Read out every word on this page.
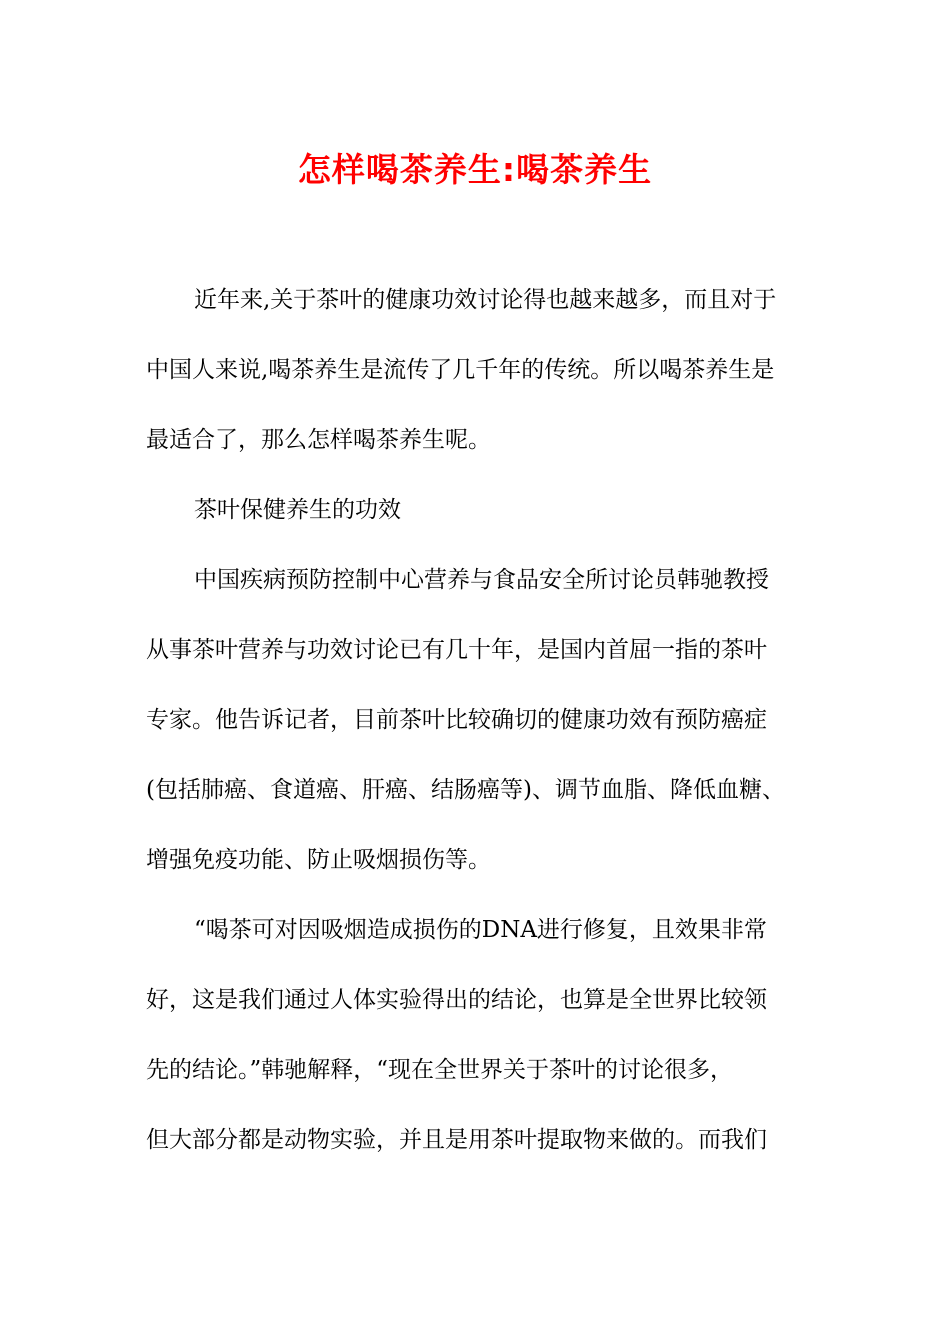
怎样喝茶养生:喝茶养生
近年来,关于茶叶的健康功效讨论得也越来越多，而且对于
中国人来说,喝茶养生是流传了几千年的传统。所以喝茶养生是
最适合了，那么怎样喝茶养生呢。
茶叶保健养生的功效
中国疾病预防控制中心营养与食品安全所讨论员韩驰教授
从事茶叶营养与功效讨论已有几十年，是国内首屈一指的茶叶
专家。他告诉记者，目前茶叶比较确切的健康功效有预防癌症
(包括肺癌、食道癌、肝癌、结肠癌等)、调节血脂、降低血糖、
增强免疫功能、防止吸烟损伤等。
“喝茶可对因吸烟造成损伤的DNA进行修复，且效果非常
好，这是我们通过人体实验得出的结论，也算是全世界比较领
先的结论。”韩驰解释，“现在全世界关于茶叶的讨论很多，
但大部分都是动物实验，并且是用茶叶提取物来做的。而我们
